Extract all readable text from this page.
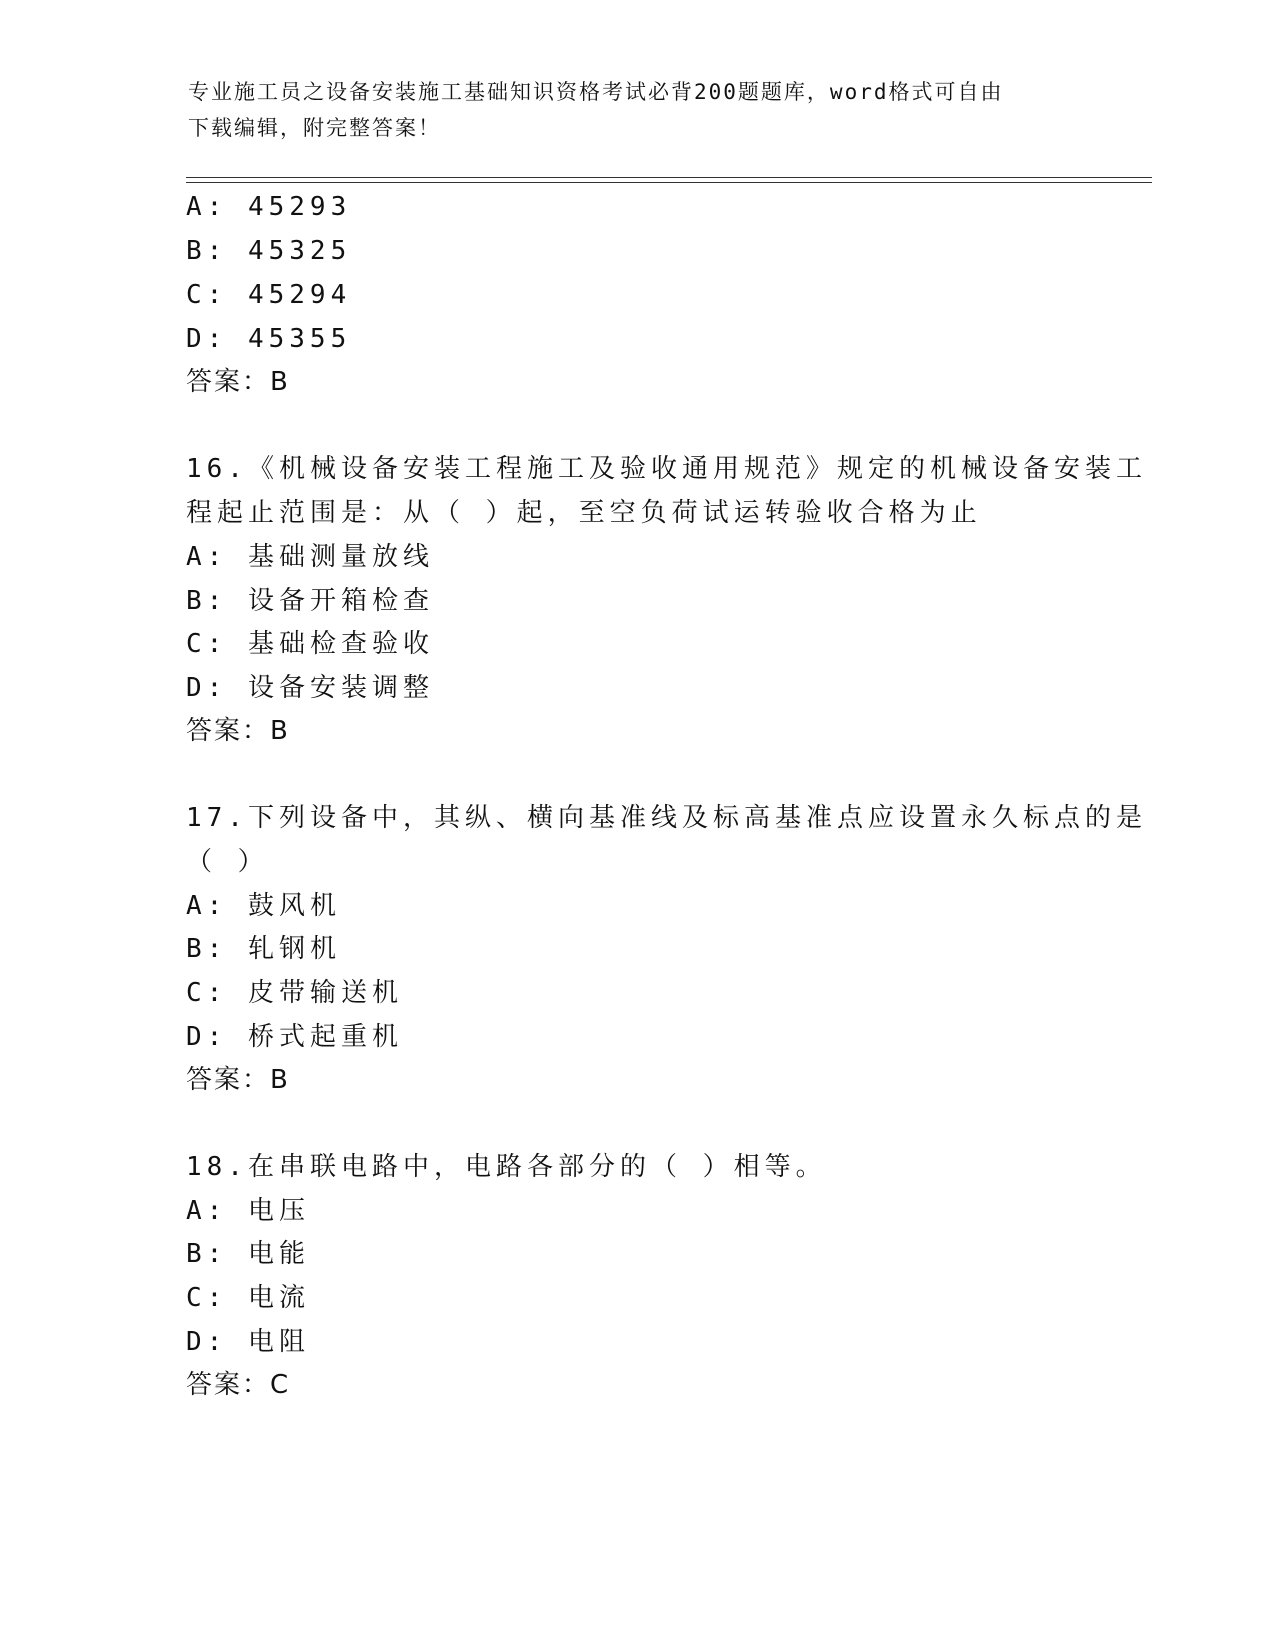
专业施工员之设备安装施工基础知识资格考试必背200题题库，word格式可自由
下载编辑，附完整答案！
A: 45293
B: 45325
C: 45294
D: 45355
答案：B
16.《机械设备安装工程施工及验收通用规范》规定的机械设备安装工
程起止范围是：从（ ）起，至空负荷试运转验收合格为止
A: 基础测量放线
B: 设备开箱检查
C: 基础检查验收
D: 设备安装调整
答案：B
17.下列设备中，其纵、横向基准线及标高基准点应设置永久标点的是
（ ）
A: 鼓风机
B: 轧钢机
C: 皮带输送机
D: 桥式起重机
答案：B
18.在串联电路中，电路各部分的（ ）相等。
A: 电压
B: 电能
C: 电流
D: 电阻
答案：C
